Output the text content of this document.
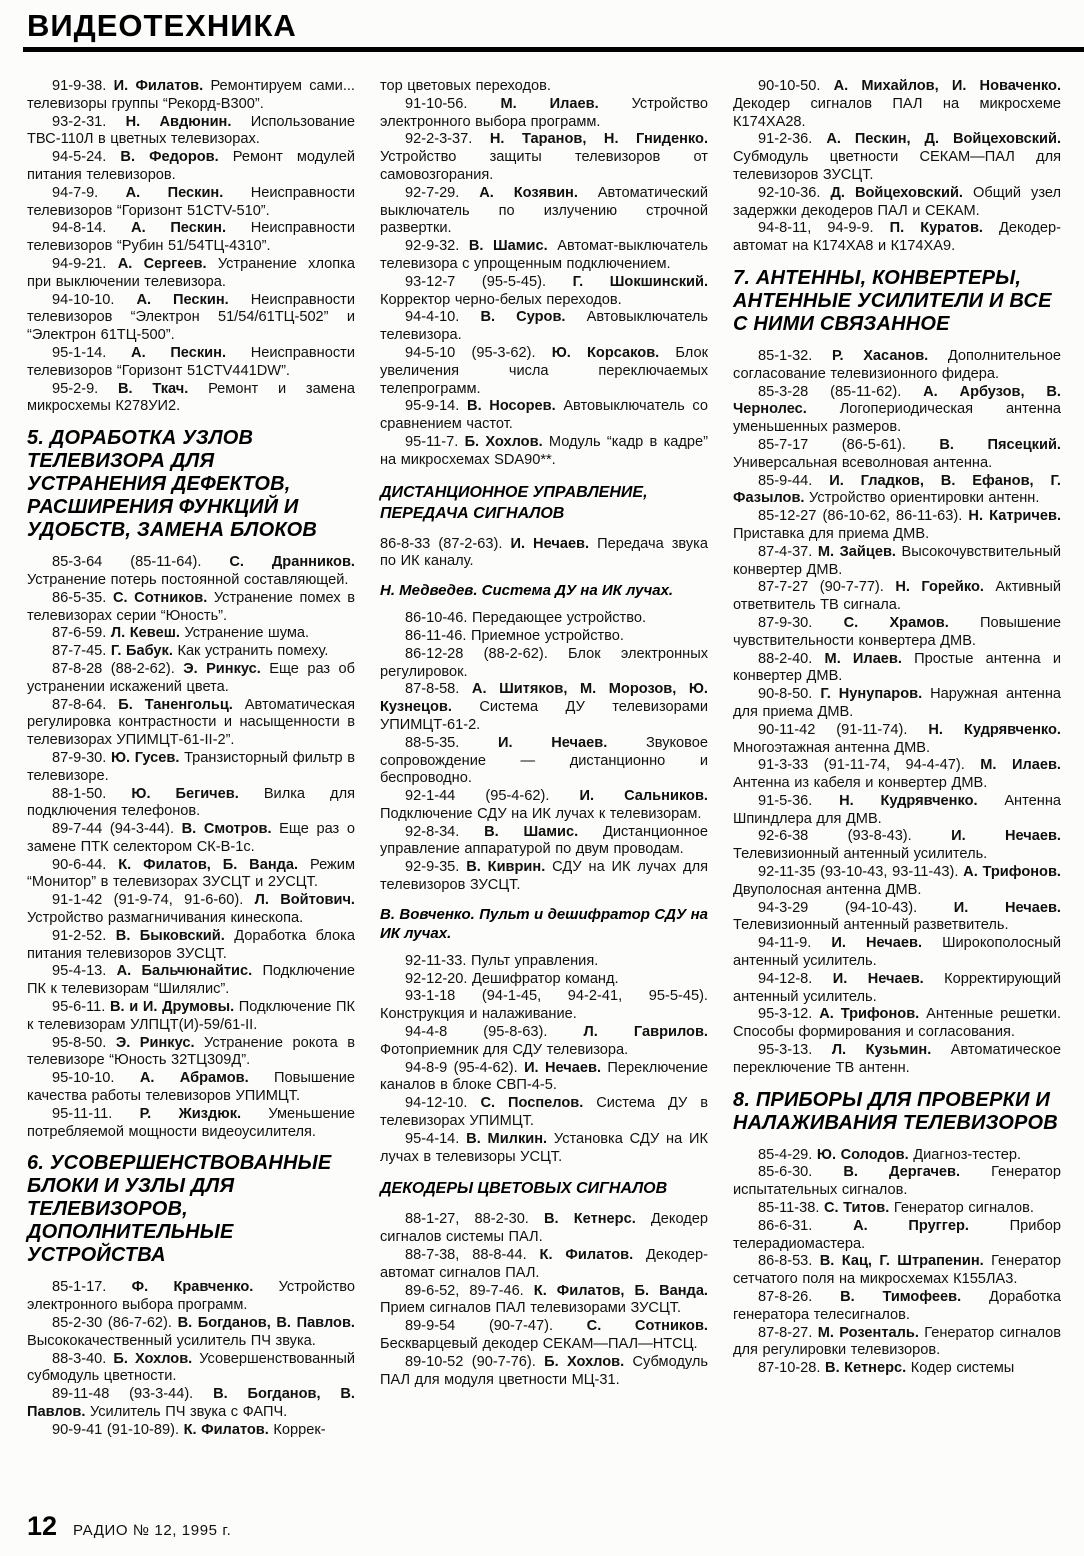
ВИДЕОТЕХНИКА

91-9-38. И. Филатов. Ремонтируем сами... телевизоры группы “Рекорд-В300”.

93-2-31. Н. Авдюнин. Использование ТВС-110Л в цветных телевизорах.

94-5-24. В. Федоров. Ремонт модулей питания телевизоров.

94-7-9. А. Пескин. Неисправности телевизоров “Горизонт 51CTV-510”.

94-8-14. А. Пескин. Неисправности телевизоров “Рубин 51/54ТЦ-4310”.

94-9-21. А. Сергеев. Устранение хлопка при выключении телевизора.

94-10-10. А. Пескин. Неисправности телевизоров “Электрон 51/54/61ТЦ-502” и “Электрон 61ТЦ-500”.

95-1-14. А. Пескин. Неисправности телевизоров “Горизонт 51CTV441DW”.

95-2-9. В. Ткач. Ремонт и замена микросхемы К278УИ2.

5. ДОРАБОТКА УЗЛОВ ТЕЛЕВИЗОРА ДЛЯ УСТРАНЕНИЯ ДЕФЕКТОВ, РАСШИРЕНИЯ ФУНКЦИЙ И УДОБСТВ, ЗАМЕНА БЛОКОВ

85-3-64 (85-11-64). С. Дранников. Устранение потерь постоянной составляющей.

86-5-35. С. Сотников. Устранение помех в телевизорах серии “Юность”.

87-6-59. Л. Кевеш. Устранение шума.

87-7-45. Г. Бабук. Как устранить помеху.

87-8-28 (88-2-62). Э. Ринкус. Еще раз об устранении искажений цвета.

87-8-64. Б. Таненгольц. Автоматическая регулировка контрастности и насыщенности в телевизорах УПИМЦТ-61-II-2”.

87-9-30. Ю. Гусев. Транзисторный фильтр в телевизоре.

88-1-50. Ю. Бегичев. Вилка для подключения телефонов.

89-7-44 (94-3-44). В. Смотров. Еще раз о замене ПТК селектором СК-В-1с.

90-6-44. К. Филатов, Б. Ванда. Режим “Монитор” в телевизорах ЗУСЦТ и 2УСЦТ.

91-1-42 (91-9-74, 91-6-60). Л. Войтович. Устройство размагничивания кинескопа.

91-2-52. В. Быковский. Доработка блока питания телевизоров ЗУСЦТ.

95-4-13. А. Бальчюнайтис. Подключение ПК к телевизорам “Шилялис”.

95-6-11. В. и И. Друмовы. Подключение ПК к телевизорам УЛПЦТ(И)-59/61-II.

95-8-50. Э. Ринкус. Устранение рокота в телевизоре “Юность 32ТЦ309Д”.

95-10-10. А. Абрамов. Повышение качества работы телевизоров УПИМЦТ.

95-11-11. Р. Жиздюк. Уменьшение потребляемой мощности видеоусилителя.

6. УСОВЕРШЕНСТВОВАННЫЕ БЛОКИ И УЗЛЫ ДЛЯ ТЕЛЕВИЗОРОВ, ДОПОЛНИТЕЛЬНЫЕ УСТРОЙСТВА

85-1-17. Ф. Кравченко. Устройство электронного выбора программ.

85-2-30 (86-7-62). В. Богданов, В. Павлов. Высококачественный усилитель ПЧ звука.

88-3-40. Б. Хохлов. Усовершенствованный субмодуль цветности.

89-11-48 (93-3-44). В. Богданов, В. Павлов. Усилитель ПЧ звука с ФАПЧ.

90-9-41 (91-10-89). К. Филатов. Коррек-

тор цветовых переходов.

91-10-56. М. Илаев. Устройство электронного выбора программ.

92-2-3-37. Н. Таранов, Н. Гниденко. Устройство защиты телевизоров от самовозгорания.

92-7-29. А. Козявин. Автоматический выключатель по излучению строчной развертки.

92-9-32. В. Шамис. Автомат-выключатель телевизора с упрощенным подключением.

93-12-7 (95-5-45). Г. Шокшинский. Корректор черно-белых переходов.

94-4-10. В. Суров. Автовыключатель телевизора.

94-5-10 (95-3-62). Ю. Корсаков. Блок увеличения числа переключаемых телепрограмм.

95-9-14. В. Носорев. Автовыключатель со сравнением частот.

95-11-7. Б. Хохлов. Модуль “кадр в кадре” на микросхемах SDA90**.

ДИСТАНЦИОННОЕ УПРАВЛЕНИЕ, ПЕРЕДАЧА СИГНАЛОВ

86-8-33 (87-2-63). И. Нечаев. Передача звука по ИК каналу.

Н. Медведев. Система ДУ на ИК лучах.

86-10-46. Передающее устройство.

86-11-46. Приемное устройство.

86-12-28 (88-2-62). Блок электронных регулировок.

87-8-58. А. Шитяков, М. Морозов, Ю. Кузнецов. Система ДУ телевизорами УПИМЦТ-61-2.

88-5-35. И. Нечаев. Звуковое сопровождение — дистанционно и беспроводно.

92-1-44 (95-4-62). И. Сальников. Подключение СДУ на ИК лучах к телевизорам.

92-8-34. В. Шамис. Дистанционное управление аппаратурой по двум проводам.

92-9-35. В. Киврин. СДУ на ИК лучах для телевизоров ЗУСЦТ.

В. Вовченко. Пульт и дешифратор СДУ на ИК лучах.

92-11-33. Пульт управления.

92-12-20. Дешифратор команд.

93-1-18 (94-1-45, 94-2-41, 95-5-45). Конструкция и налаживание.

94-4-8 (95-8-63). Л. Гаврилов. Фотоприемник для СДУ телевизора.

94-8-9 (95-4-62). И. Нечаев. Переключение каналов в блоке СВП-4-5.

94-12-10. С. Поспелов. Система ДУ в телевизорах УПИМЦТ.

95-4-14. В. Милкин. Установка СДУ на ИК лучах в телевизоры УСЦТ.

ДЕКОДЕРЫ ЦВЕТОВЫХ СИГНАЛОВ

88-1-27, 88-2-30. В. Кетнерс. Декодер сигналов системы ПАЛ.

88-7-38, 88-8-44. К. Филатов. Декодер-автомат сигналов ПАЛ.

89-6-52, 89-7-46. К. Филатов, Б. Ванда. Прием сигналов ПАЛ телевизорами ЗУСЦТ.

89-9-54 (90-7-47). С. Сотников. Бескварцевый декодер СЕКАМ—ПАЛ—НТСЦ.

89-10-52 (90-7-76). Б. Хохлов. Субмодуль ПАЛ для модуля цветности МЦ-31.

90-10-50. А. Михайлов, И. Новаченко. Декодер сигналов ПАЛ на микросхеме К174ХА28.

91-2-36. А. Пескин, Д. Войцеховский. Субмодуль цветности СЕКАМ—ПАЛ для телевизоров ЗУСЦТ.

92-10-36. Д. Войцеховский. Общий узел задержки декодеров ПАЛ и СЕКАМ.

94-8-11, 94-9-9. П. Куратов. Декодер-автомат на К174ХА8 и К174ХА9.

7. АНТЕННЫ, КОНВЕРТЕРЫ, АНТЕННЫЕ УСИЛИТЕЛИ И ВСЕ С НИМИ СВЯЗАННОЕ

85-1-32. Р. Хасанов. Дополнительное согласование телевизионного фидера.

85-3-28 (85-11-62). А. Арбузов, В. Чернолес. Логопериодическая антенна уменьшенных размеров.

85-7-17 (86-5-61). В. Пясецкий. Универсальная всеволновая антенна.

85-9-44. И. Гладков, В. Ефанов, Г. Фазылов. Устройство ориентировки антенн.

85-12-27 (86-10-62, 86-11-63). Н. Катричев. Приставка для приема ДМВ.

87-4-37. М. Зайцев. Высокочувствительный конвертер ДМВ.

87-7-27 (90-7-77). Н. Горейко. Активный ответвитель ТВ сигнала.

87-9-30. С. Храмов. Повышение чувствительности конвертера ДМВ.

88-2-40. М. Илаев. Простые антенна и конвертер ДМВ.

90-8-50. Г. Нунупаров. Наружная антенна для приема ДМВ.

90-11-42 (91-11-74). Н. Кудрявченко. Многоэтажная антенна ДМВ.

91-3-33 (91-11-74, 94-4-47). М. Илаев. Антенна из кабеля и конвертер ДМВ.

91-5-36. Н. Кудрявченко. Антенна Шпиндлера для ДМВ.

92-6-38 (93-8-43). И. Нечаев. Телевизионный антенный усилитель.

92-11-35 (93-10-43, 93-11-43). А. Трифонов. Двуполосная антенна ДМВ.

94-3-29 (94-10-43). И. Нечаев. Телевизионный антенный разветвитель.

94-11-9. И. Нечаев. Широкополосный антенный усилитель.

94-12-8. И. Нечаев. Корректирующий антенный усилитель.

95-3-12. А. Трифонов. Антенные решетки. Способы формирования и согласования.

95-3-13. Л. Кузьмин. Автоматическое переключение ТВ антенн.

8. ПРИБОРЫ ДЛЯ ПРОВЕРКИ И НАЛАЖИВАНИЯ ТЕЛЕВИЗОРОВ

85-4-29. Ю. Солодов. Диагноз-тестер.

85-6-30. В. Дергачев. Генератор испытательных сигналов.

85-11-38. С. Титов. Генератор сигналов.

86-6-31. А. Пруггер. Прибор телерадиомастера.

86-8-53. В. Кац, Г. Штрапенин. Генератор сетчатого поля на микросхемах К155ЛА3.

87-8-26. В. Тимофеев. Доработка генератора телесигналов.

87-8-27. М. Розенталь. Генератор сигналов для регулировки телевизоров.

87-10-28. В. Кетнерс. Кодер системы

12 РАДИО № 12, 1995 г.
